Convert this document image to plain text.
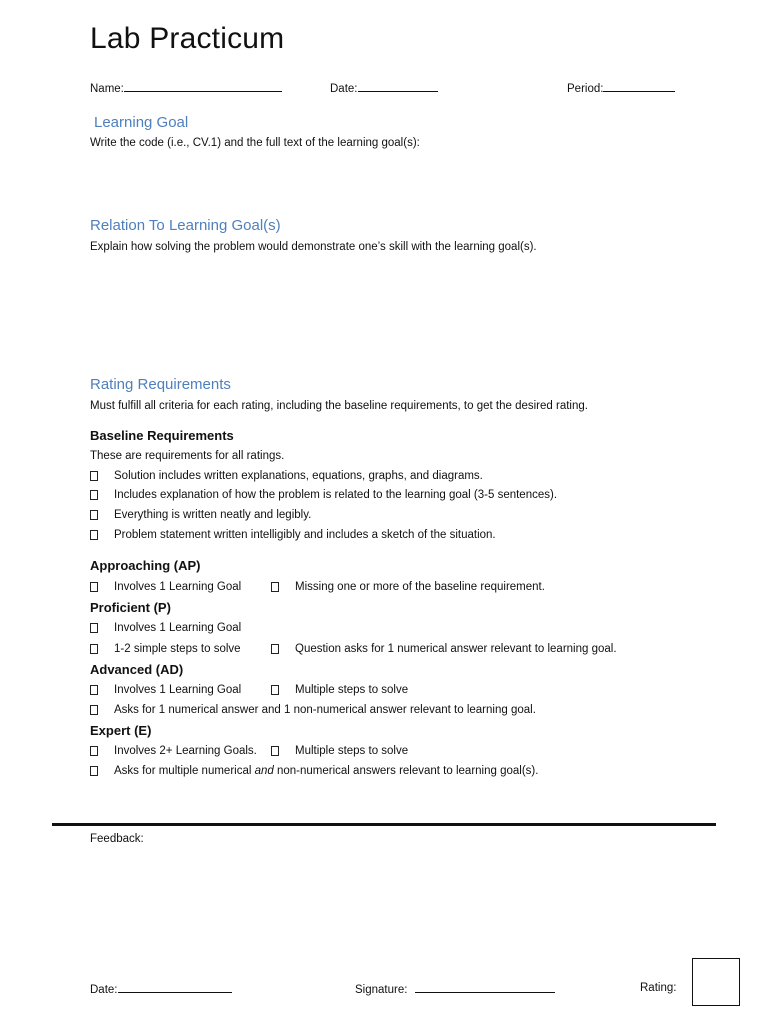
Lab Practicum
Name:	Date:	Period:
Learning Goal
Write the code (i.e., CV.1) and the full text of the learning goal(s):
Relation To Learning Goal(s)
Explain how solving the problem would demonstrate one’s skill with the learning goal(s).
Rating Requirements
Must fulfill all criteria for each rating, including the baseline requirements, to get the desired rating.
Baseline Requirements
These are requirements for all ratings.
Solution includes written explanations, equations, graphs, and diagrams.
Includes explanation of how the problem is related to the learning goal (3-5 sentences).
Everything is written neatly and legibly.
Problem statement written intelligibly and includes a sketch of the situation.
Approaching (AP)
Involves 1 Learning Goal	Missing one or more of the baseline requirement.
Proficient (P)
Involves 1 Learning Goal
1-2 simple steps to solve	Question asks for 1 numerical answer relevant to learning goal.
Advanced (AD)
Involves 1 Learning Goal	Multiple steps to solve
Asks for 1 numerical answer and 1 non-numerical answer relevant to learning goal.
Expert (E)
Involves 2+ Learning Goals.	Multiple steps to solve
Asks for multiple numerical and non-numerical answers relevant to learning goal(s).
Feedback:
Date:	Signature:	Rating:
